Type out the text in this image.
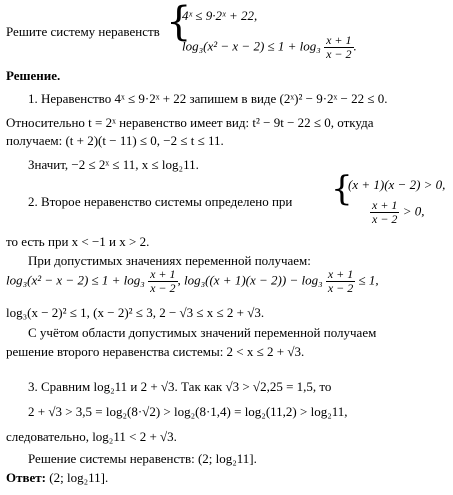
Решите систему неравенств {
4ˣ ≤ 9·2ˣ + 22,
$\log_3(x^2 - x - 2) \le 1 + \log_3 \frac{x + 1}{x - 2}$ .
Решение.
1. Неравенство 4ˣ ≤ 9·2ˣ + 22 запишем в виде (2ˣ)² − 9·2ˣ − 22 ≤ 0.
Относительно t = 2ˣ неравенство имеет вид: t² − 9t − 22 ≤ 0, откуда
получаем: (t + 2)(t − 11) ≤ 0, −2 ≤ t ≤ 11.
Значит, −2 ≤ 2ˣ ≤ 11, x ≤ log₂11.
2. Второе неравенство системы определено при {
(x + 1)(x − 2) > 0,
$\frac{x + 1}{x - 2} > 0$,
то есть при x < −1 и x > 2.
При допустимых значениях переменной получаем:
$\log_3(x^2 - x - 2) \le 1 + \log_3 \frac{x + 1}{x - 2}$ , $\log_3((x + 1)(x - 2)) - \log_3 \frac{x + 1}{x - 2} \le 1$,
log₃(x − 2)² ≤ 1, (x − 2)² ≤ 3, 2 − √3 ≤ x ≤ 2 + √3.
С учётом области допустимых значений переменной получаем
решение второго неравенства системы: 2 < x ≤ 2 + √3.
3. Сравним log₂11 и 2 + √3. Так как √3 > √2,25 = 1,5, то
2 + √3 > 3,5 = log₂(8·√2) > log₂(8·1,4) = log₂(11,2) > log₂11,
следовательно, log₂11 < 2 + √3.
Решение системы неравенств: (2; log₂11].
Ответ: (2; log₂11].
